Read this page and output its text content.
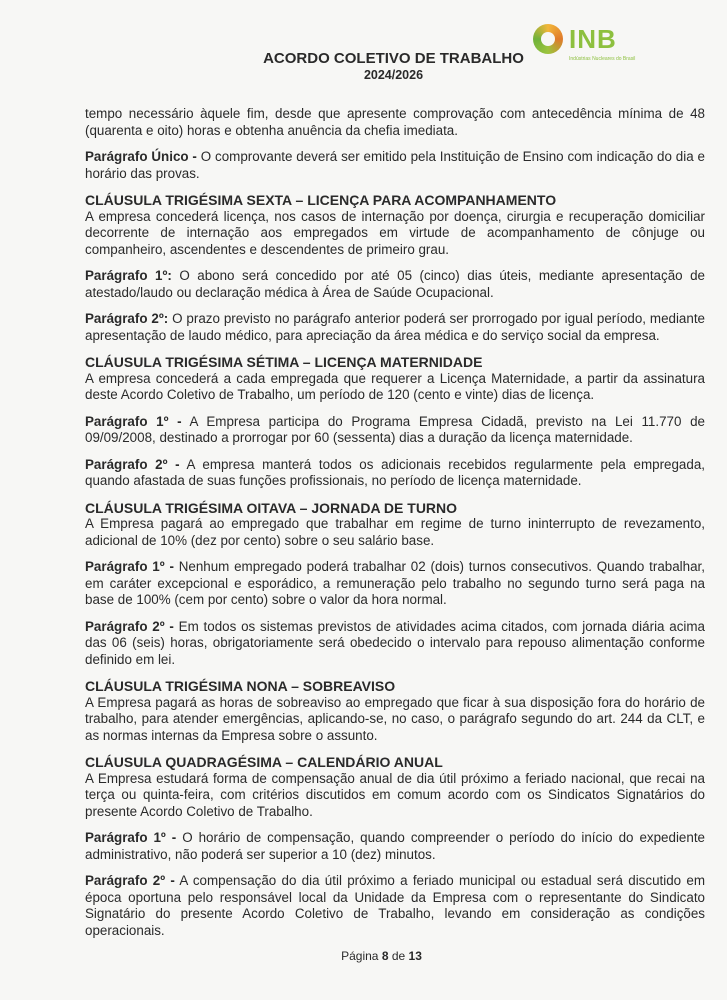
ACORDO COLETIVO DE TRABALHO
2024/2026
INB
Indústrias Nucleares do Brasil
tempo necessário àquele fim, desde que apresente comprovação com antecedência mínima de 48 (quarenta e oito) horas e obtenha anuência da chefia imediata.
Parágrafo Único - O comprovante deverá ser emitido pela Instituição de Ensino com indicação do dia e horário das provas.
CLÁUSULA TRIGÉSIMA SEXTA – LICENÇA PARA ACOMPANHAMENTO
A empresa concederá licença, nos casos de internação por doença, cirurgia e recuperação domiciliar decorrente de internação aos empregados em virtude de acompanhamento de cônjuge ou companheiro, ascendentes e descendentes de primeiro grau.
Parágrafo 1º: O abono será concedido por até 05 (cinco) dias úteis, mediante apresentação de atestado/laudo ou declaração médica à Área de Saúde Ocupacional.
Parágrafo 2º: O prazo previsto no parágrafo anterior poderá ser prorrogado por igual período, mediante apresentação de laudo médico, para apreciação da área médica e do serviço social da empresa.
CLÁUSULA TRIGÉSIMA SÉTIMA – LICENÇA MATERNIDADE
A empresa concederá a cada empregada que requerer a Licença Maternidade, a partir da assinatura deste Acordo Coletivo de Trabalho, um período de 120 (cento e vinte) dias de licença.
Parágrafo 1º - A Empresa participa do Programa Empresa Cidadã, previsto na Lei 11.770 de 09/09/2008, destinado a prorrogar por 60 (sessenta) dias a duração da licença maternidade.
Parágrafo 2º - A empresa manterá todos os adicionais recebidos regularmente pela empregada, quando afastada de suas funções profissionais, no período de licença maternidade.
CLÁUSULA TRIGÉSIMA OITAVA – JORNADA DE TURNO
A Empresa pagará ao empregado que trabalhar em regime de turno ininterrupto de revezamento, adicional de 10% (dez por cento) sobre o seu salário base.
Parágrafo 1º - Nenhum empregado poderá trabalhar 02 (dois) turnos consecutivos. Quando trabalhar, em caráter excepcional e esporádico, a remuneração pelo trabalho no segundo turno será paga na base de 100% (cem por cento) sobre o valor da hora normal.
Parágrafo 2º - Em todos os sistemas previstos de atividades acima citados, com jornada diária acima das 06 (seis) horas, obrigatoriamente será obedecido o intervalo para repouso alimentação conforme definido em lei.
CLÁUSULA TRIGÉSIMA NONA – SOBREAVISO
A Empresa pagará as horas de sobreaviso ao empregado que ficar à sua disposição fora do horário de trabalho, para atender emergências, aplicando-se, no caso, o parágrafo segundo do art. 244 da CLT, e as normas internas da Empresa sobre o assunto.
CLÁUSULA QUADRAGÉSIMA – CALENDÁRIO ANUAL
A Empresa estudará forma de compensação anual de dia útil próximo a feriado nacional, que recai na terça ou quinta-feira, com critérios discutidos em comum acordo com os Sindicatos Signatários do presente Acordo Coletivo de Trabalho.
Parágrafo 1º - O horário de compensação, quando compreender o período do início do expediente administrativo, não poderá ser superior a 10 (dez) minutos.
Parágrafo 2º - A compensação do dia útil próximo a feriado municipal ou estadual será discutido em época oportuna pelo responsável local da Unidade da Empresa com o representante do Sindicato Signatário do presente Acordo Coletivo de Trabalho, levando em consideração as condições operacionais.
Página 8 de 13
